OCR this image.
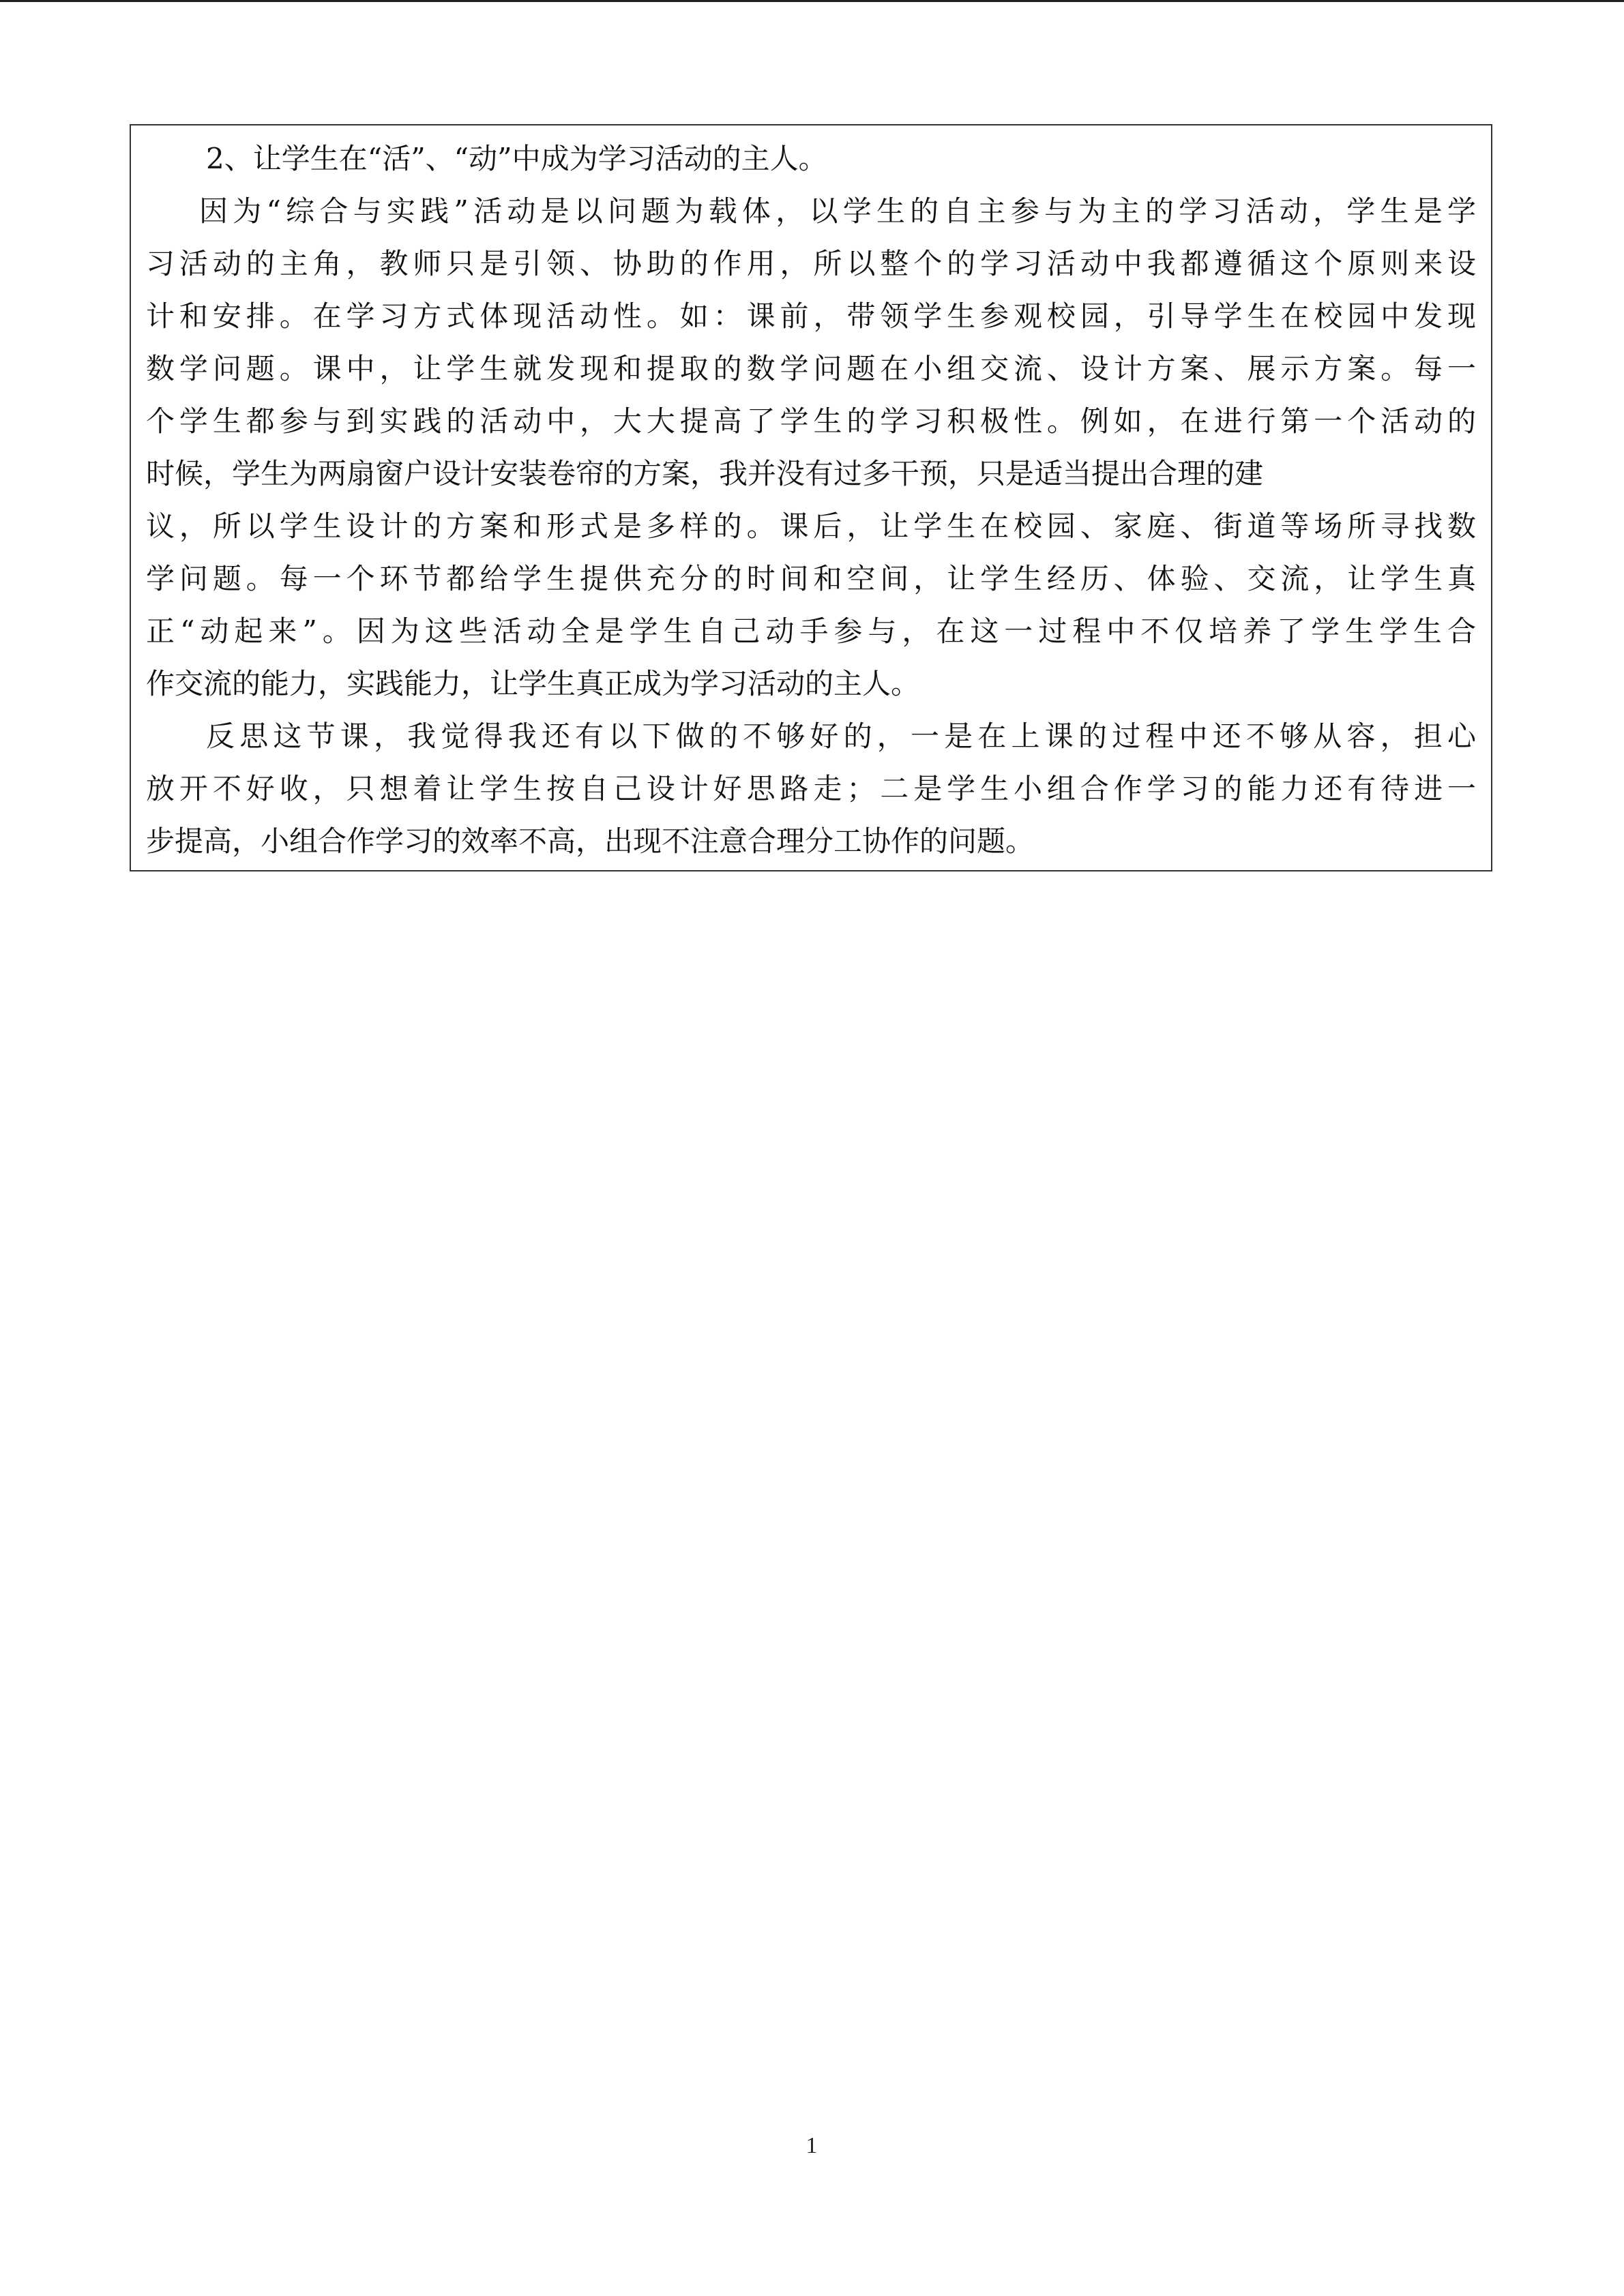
2、让学生在“活”、“动”中成为学习活动的主人。

因为“综合与实践”活动是以问题为载体，以学生的自主参与为主的学习活动，学生是学

习活动的主角，教师只是引领、协助的作用，所以整个的学习活动中我都遵循这个原则来设

计和安排。在学习方式体现活动性。如：课前，带领学生参观校园，引导学生在校园中发现

数学问题。课中，让学生就发现和提取的数学问题在小组交流、设计方案、展示方案。每一

个学生都参与到实践的活动中，大大提高了学生的学习积极性。例如，在进行第一个活动的

时候，学生为两扇窗户设计安装卷帘的方案，我并没有过多干预，只是适当提出合理的建

议，所以学生设计的方案和形式是多样的。课后，让学生在校园、家庭、街道等场所寻找数

学问题。每一个环节都给学生提供充分的时间和空间，让学生经历、体验、交流，让学生真

正“动起来”。因为这些活动全是学生自己动手参与，在这一过程中不仅培养了学生学生合

作交流的能力，实践能力，让学生真正成为学习活动的主人。

反思这节课，我觉得我还有以下做的不够好的，一是在上课的过程中还不够从容，担心

放开不好收，只想着让学生按自己设计好思路走；二是学生小组合作学习的能力还有待进一

步提高，小组合作学习的效率不高，出现不注意合理分工协作的问题。

1
